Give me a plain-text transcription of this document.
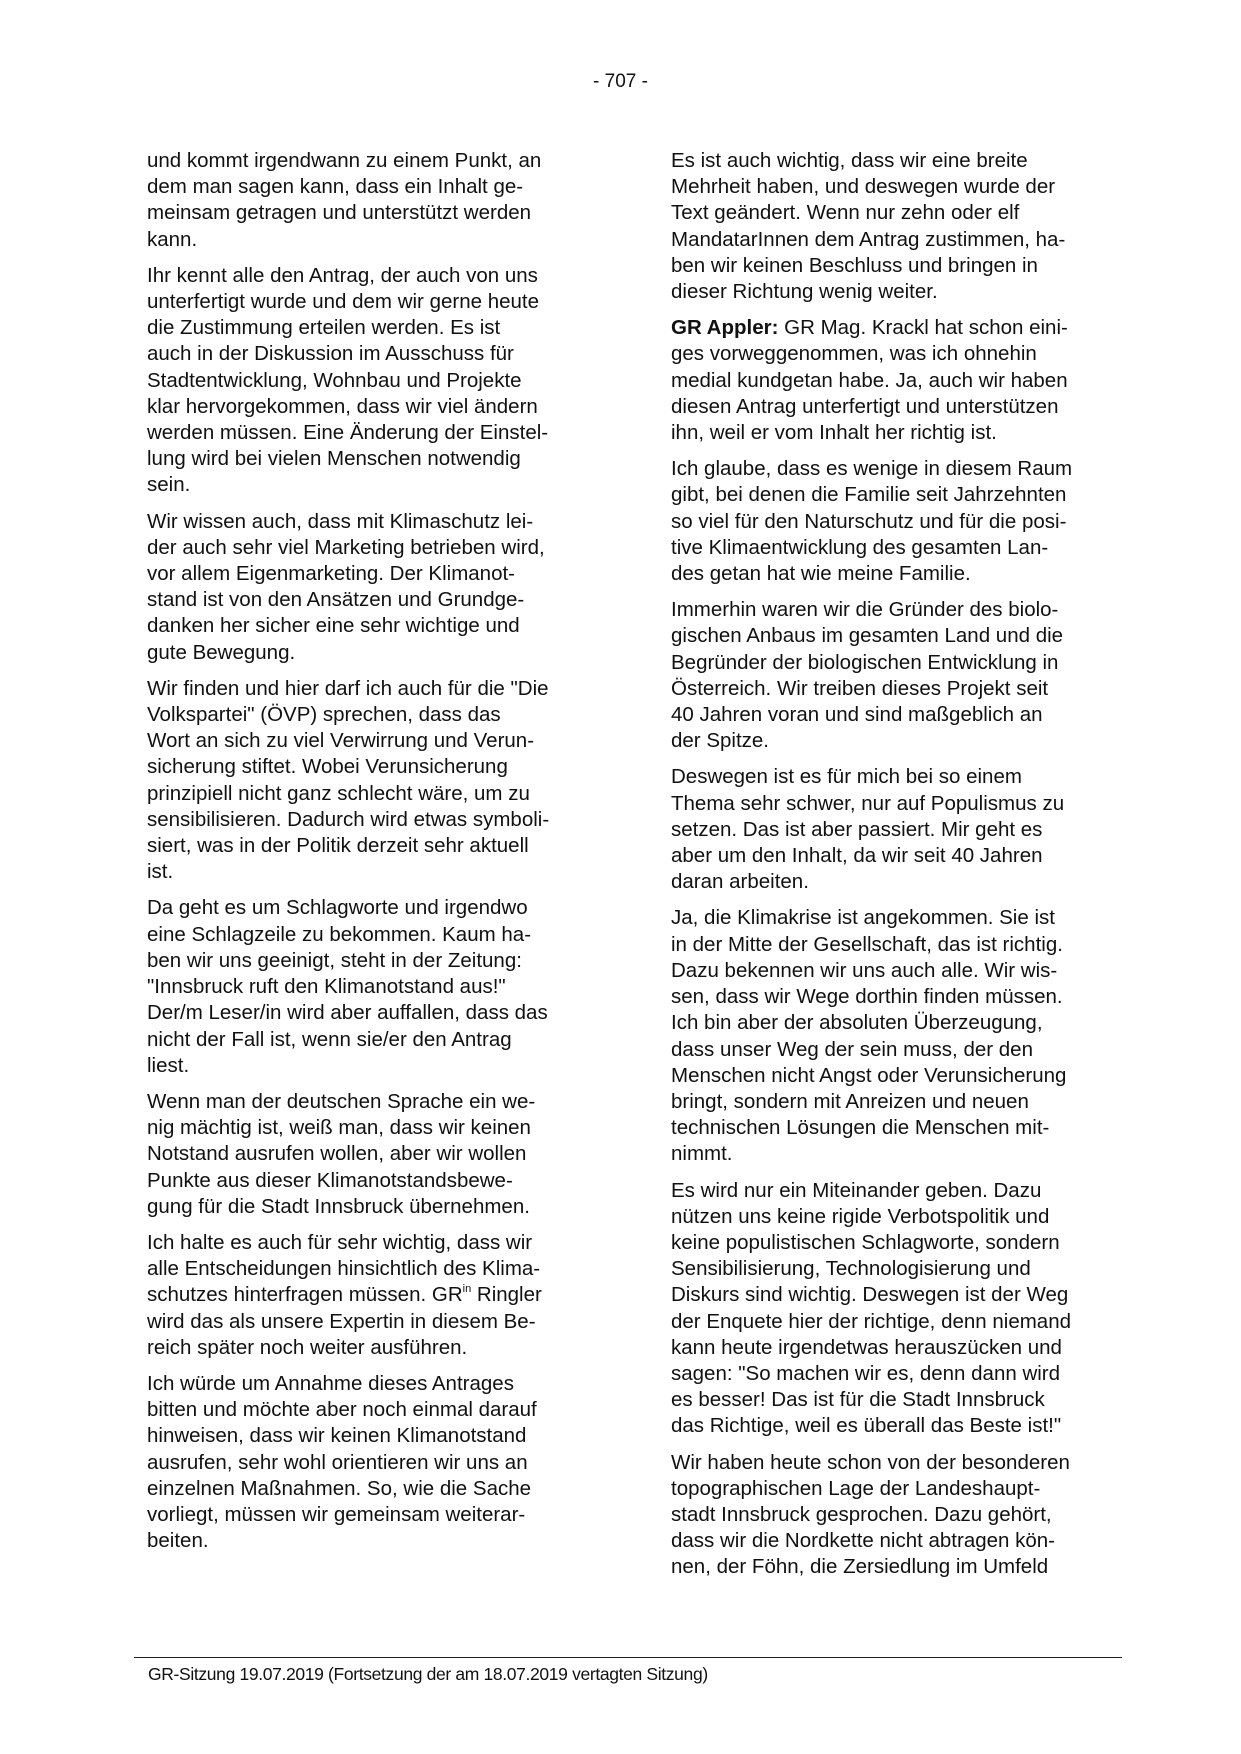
- 707 -

und kommt irgendwann zu einem Punkt, an
dem man sagen kann, dass ein Inhalt ge-
meinsam getragen und unterstützt werden
kann.

Ihr kennt alle den Antrag, der auch von uns
unterfertigt wurde und dem wir gerne heute
die Zustimmung erteilen werden. Es ist
auch in der Diskussion im Ausschuss für
Stadtentwicklung, Wohnbau und Projekte
klar hervorgekommen, dass wir viel ändern
werden müssen. Eine Änderung der Einstel-
lung wird bei vielen Menschen notwendig
sein.

Wir wissen auch, dass mit Klimaschutz lei-
der auch sehr viel Marketing betrieben wird,
vor allem Eigenmarketing. Der Klimanot-
stand ist von den Ansätzen und Grundge-
danken her sicher eine sehr wichtige und
gute Bewegung.

Wir finden und hier darf ich auch für die "Die
Volkspartei" (ÖVP) sprechen, dass das
Wort an sich zu viel Verwirrung und Verun-
sicherung stiftet. Wobei Verunsicherung
prinzipiell nicht ganz schlecht wäre, um zu
sensibilisieren. Dadurch wird etwas symboli-
siert, was in der Politik derzeit sehr aktuell
ist.

Da geht es um Schlagworte und irgendwo
eine Schlagzeile zu bekommen. Kaum ha-
ben wir uns geeinigt, steht in der Zeitung:
"Innsbruck ruft den Klimanotstand aus!"
Der/m Leser/in wird aber auffallen, dass das
nicht der Fall ist, wenn sie/er den Antrag
liest.

Wenn man der deutschen Sprache ein we-
nig mächtig ist, weiß man, dass wir keinen
Notstand ausrufen wollen, aber wir wollen
Punkte aus dieser Klimanotstandsbewe-
gung für die Stadt Innsbruck übernehmen.

Ich halte es auch für sehr wichtig, dass wir
alle Entscheidungen hinsichtlich des Klima-
schutzes hinterfragen müssen. $GR^{in}$ Ringler
wird das als unsere Expertin in diesem Be-
reich später noch weiter ausführen.

Ich würde um Annahme dieses Antrages
bitten und möchte aber noch einmal darauf
hinweisen, dass wir keinen Klimanotstand
ausrufen, sehr wohl orientieren wir uns an
einzelnen Maßnahmen. So, wie die Sache
vorliegt, müssen wir gemeinsam weiterar-
beiten.

Es ist auch wichtig, dass wir eine breite
Mehrheit haben, und deswegen wurde der
Text geändert. Wenn nur zehn oder elf
MandatarInnen dem Antrag zustimmen, ha-
ben wir keinen Beschluss und bringen in
dieser Richtung wenig weiter.

GR Appler: GR Mag. Krackl hat schon eini-
ges vorweggenommen, was ich ohnehin
medial kundgetan habe. Ja, auch wir haben
diesen Antrag unterfertigt und unterstützen
ihn, weil er vom Inhalt her richtig ist.

Ich glaube, dass es wenige in diesem Raum
gibt, bei denen die Familie seit Jahrzehnten
so viel für den Naturschutz und für die posi-
tive Klimaentwicklung des gesamten Lan-
des getan hat wie meine Familie.

Immerhin waren wir die Gründer des biolo-
gischen Anbaus im gesamten Land und die
Begründer der biologischen Entwicklung in
Österreich. Wir treiben dieses Projekt seit
40 Jahren voran und sind maßgeblich an
der Spitze.

Deswegen ist es für mich bei so einem
Thema sehr schwer, nur auf Populismus zu
setzen. Das ist aber passiert. Mir geht es
aber um den Inhalt, da wir seit 40 Jahren
daran arbeiten.

Ja, die Klimakrise ist angekommen. Sie ist
in der Mitte der Gesellschaft, das ist richtig.
Dazu bekennen wir uns auch alle. Wir wis-
sen, dass wir Wege dorthin finden müssen.
Ich bin aber der absoluten Überzeugung,
dass unser Weg der sein muss, der den
Menschen nicht Angst oder Verunsicherung
bringt, sondern mit Anreizen und neuen
technischen Lösungen die Menschen mit-
nimmt.

Es wird nur ein Miteinander geben. Dazu
nützen uns keine rigide Verbotspolitik und
keine populistischen Schlagworte, sondern
Sensibilisierung, Technologisierung und
Diskurs sind wichtig. Deswegen ist der Weg
der Enquete hier der richtige, denn niemand
kann heute irgendetwas herauszücken und
sagen: "So machen wir es, denn dann wird
es besser! Das ist für die Stadt Innsbruck
das Richtige, weil es überall das Beste ist!"

Wir haben heute schon von der besonderen
topographischen Lage der Landeshaupt-
stadt Innsbruck gesprochen. Dazu gehört,
dass wir die Nordkette nicht abtragen kön-
nen, der Föhn, die Zersiedlung im Umfeld

GR-Sitzung 19.07.2019 (Fortsetzung der am 18.07.2019 vertagten Sitzung)
